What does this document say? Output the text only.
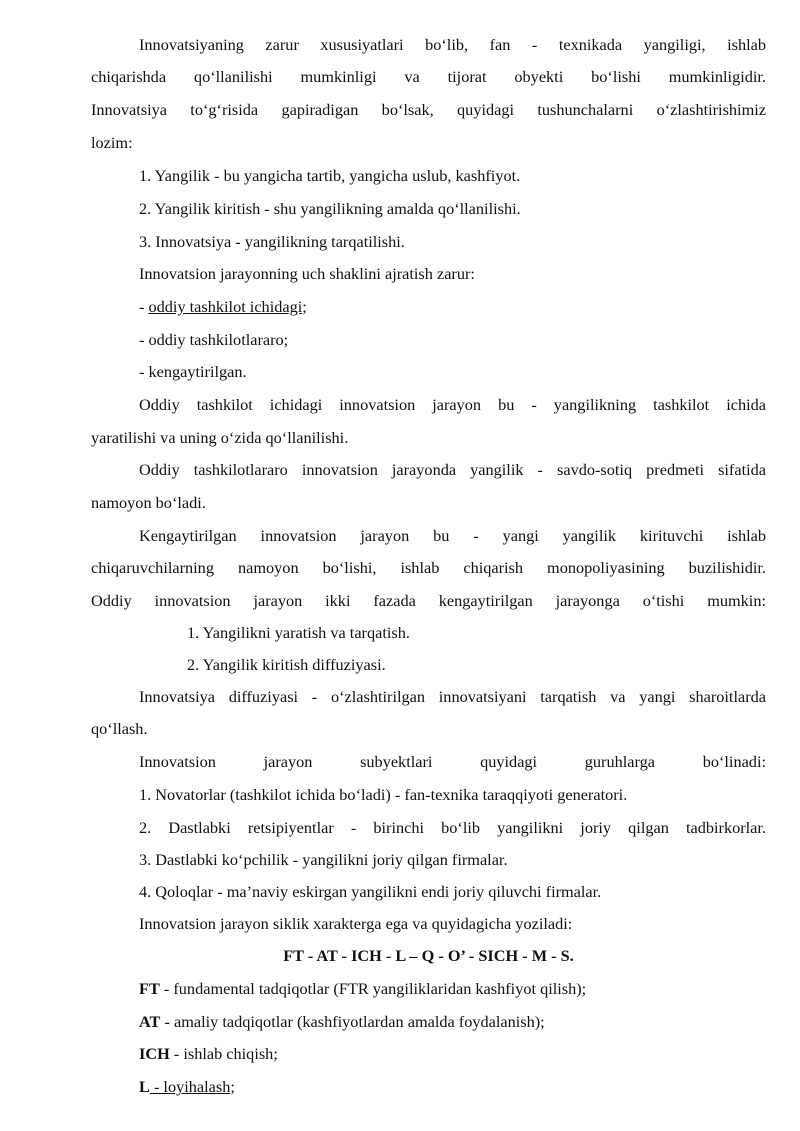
Innovatsiyaning zarur xususiyatlari bo‘lib, fan - texnikada yangiligi, ishlab
chiqarishda qo‘llanilishi mumkinligi va tijorat obyekti bo‘lishi mumkinligidir.
Innovatsiya to‘g‘risida gapiradigan bo‘lsak, quyidagi tushunchalarni o‘zlashtirishimiz
lozim:
1. Yangilik - bu yangicha tartib, yangicha uslub, kashfiyot.
2. Yangilik kiritish - shu yangilikning amalda qo‘llanilishi.
3. Innovatsiya - yangilikning tarqatilishi.
Innovatsion jarayonning uch shaklini ajratish zarur:
- oddiy tashkilot ichidagi;
- oddiy tashkilotlararo;
- kengaytirilgan.
Oddiy tashkilot ichidagi innovatsion jarayon bu - yangilikning tashkilot ichida
yaratilishi va uning o‘zida qo‘llanilishi.
Oddiy tashkilotlararo innovatsion jarayonda yangilik - savdo-sotiq predmeti sifatida
namoyon bo‘ladi.
Kengaytirilgan innovatsion jarayon bu - yangi yangilik kirituvchi ishlab
chiqaruvchilarning namoyon bo‘lishi, ishlab chiqarish monopoliyasining buzilishidir.
Oddiy innovatsion jarayon ikki fazada kengaytirilgan jarayonga o‘tishi mumkin:
1. Yangilikni yaratish va tarqatish.
2. Yangilik kiritish diffuziyasi.
Innovatsiya diffuziyasi - o‘zlashtirilgan innovatsiyani tarqatish va yangi sharoitlarda
qo‘llash.
Innovatsion jarayon subyektlari quyidagi guruhlarga bo‘linadi:
1. Novatorlar (tashkilot ichida bo‘ladi) - fan-texnika taraqqiyoti generatori.
2. Dastlabki retsipiyentlar - birinchi bo‘lib yangilikni joriy qilgan tadbirkorlar.
3. Dastlabki ko‘pchilik - yangilikni joriy qilgan firmalar.
4. Qoloqlar - ma’naviy eskirgan yangilikni endi joriy qiluvchi firmalar.
Innovatsion jarayon siklik xarakterga ega va quyidagicha yoziladi:
FT - AT - ICH - L – Q - O’ - SICH - M - S.
FT - fundamental tadqiqotlar (FTR yangiliklaridan kashfiyot qilish);
AT - amaliy tadqiqotlar (kashfiyotlardan amalda foydalanish);
ICH - ishlab chiqish;
L - loyihalash;
